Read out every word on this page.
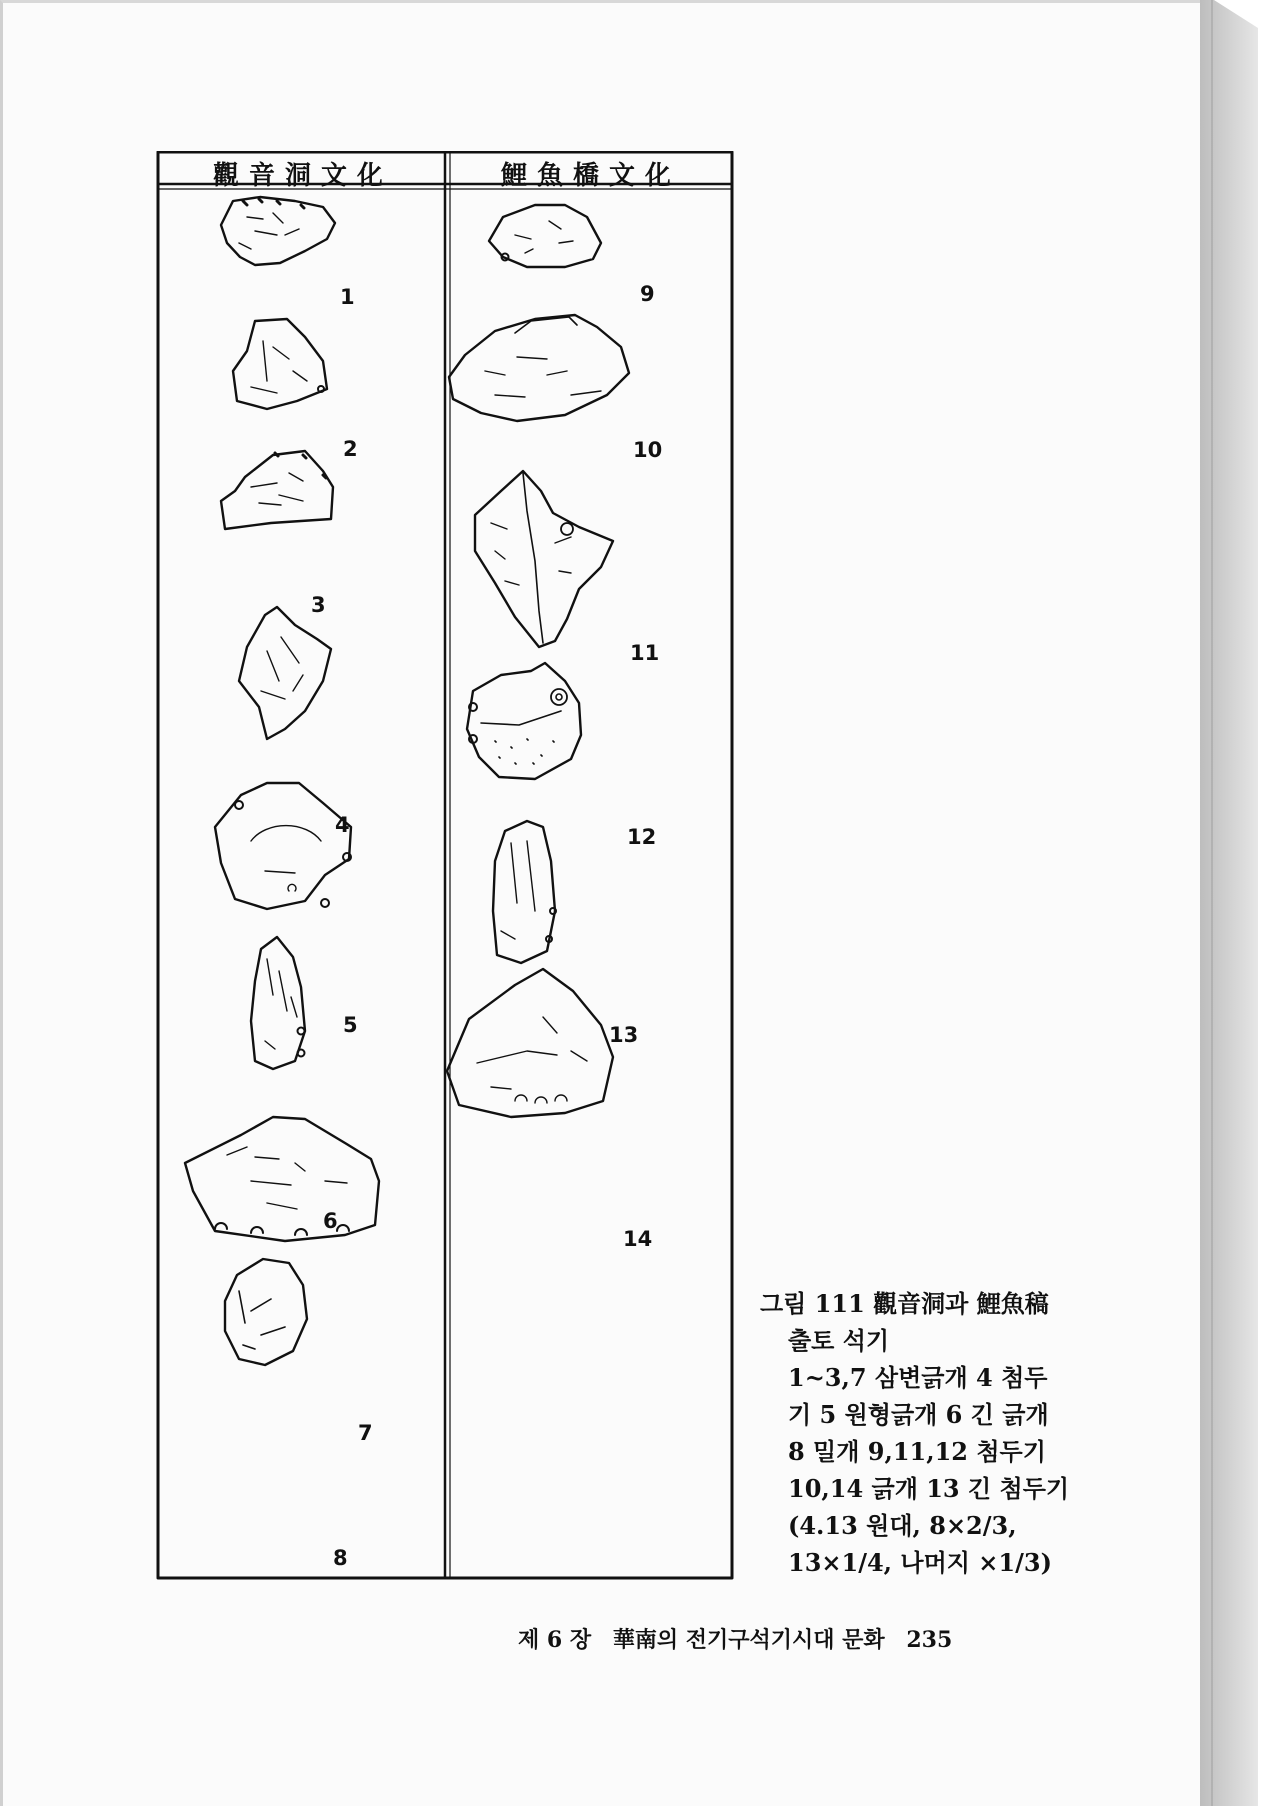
觀音洞文化	鯉魚橋文化
1
2
3
4
5
6
7
8
9
10
11
12
13
14
그림 111 觀音洞과 鯉魚稿
출토 석기
1~3,7 삼변긁개 4 첨두
기 5 원형긁개 6 긴 긁개
8 밀개 9,11,12 첨두기
10,14 긁개 13 긴 첨두기
(4.13 원대, 8×2/3,
13×1/4, 나머지 ×1/3)
제 6 장 華南의 전기구석기시대 문화 235
